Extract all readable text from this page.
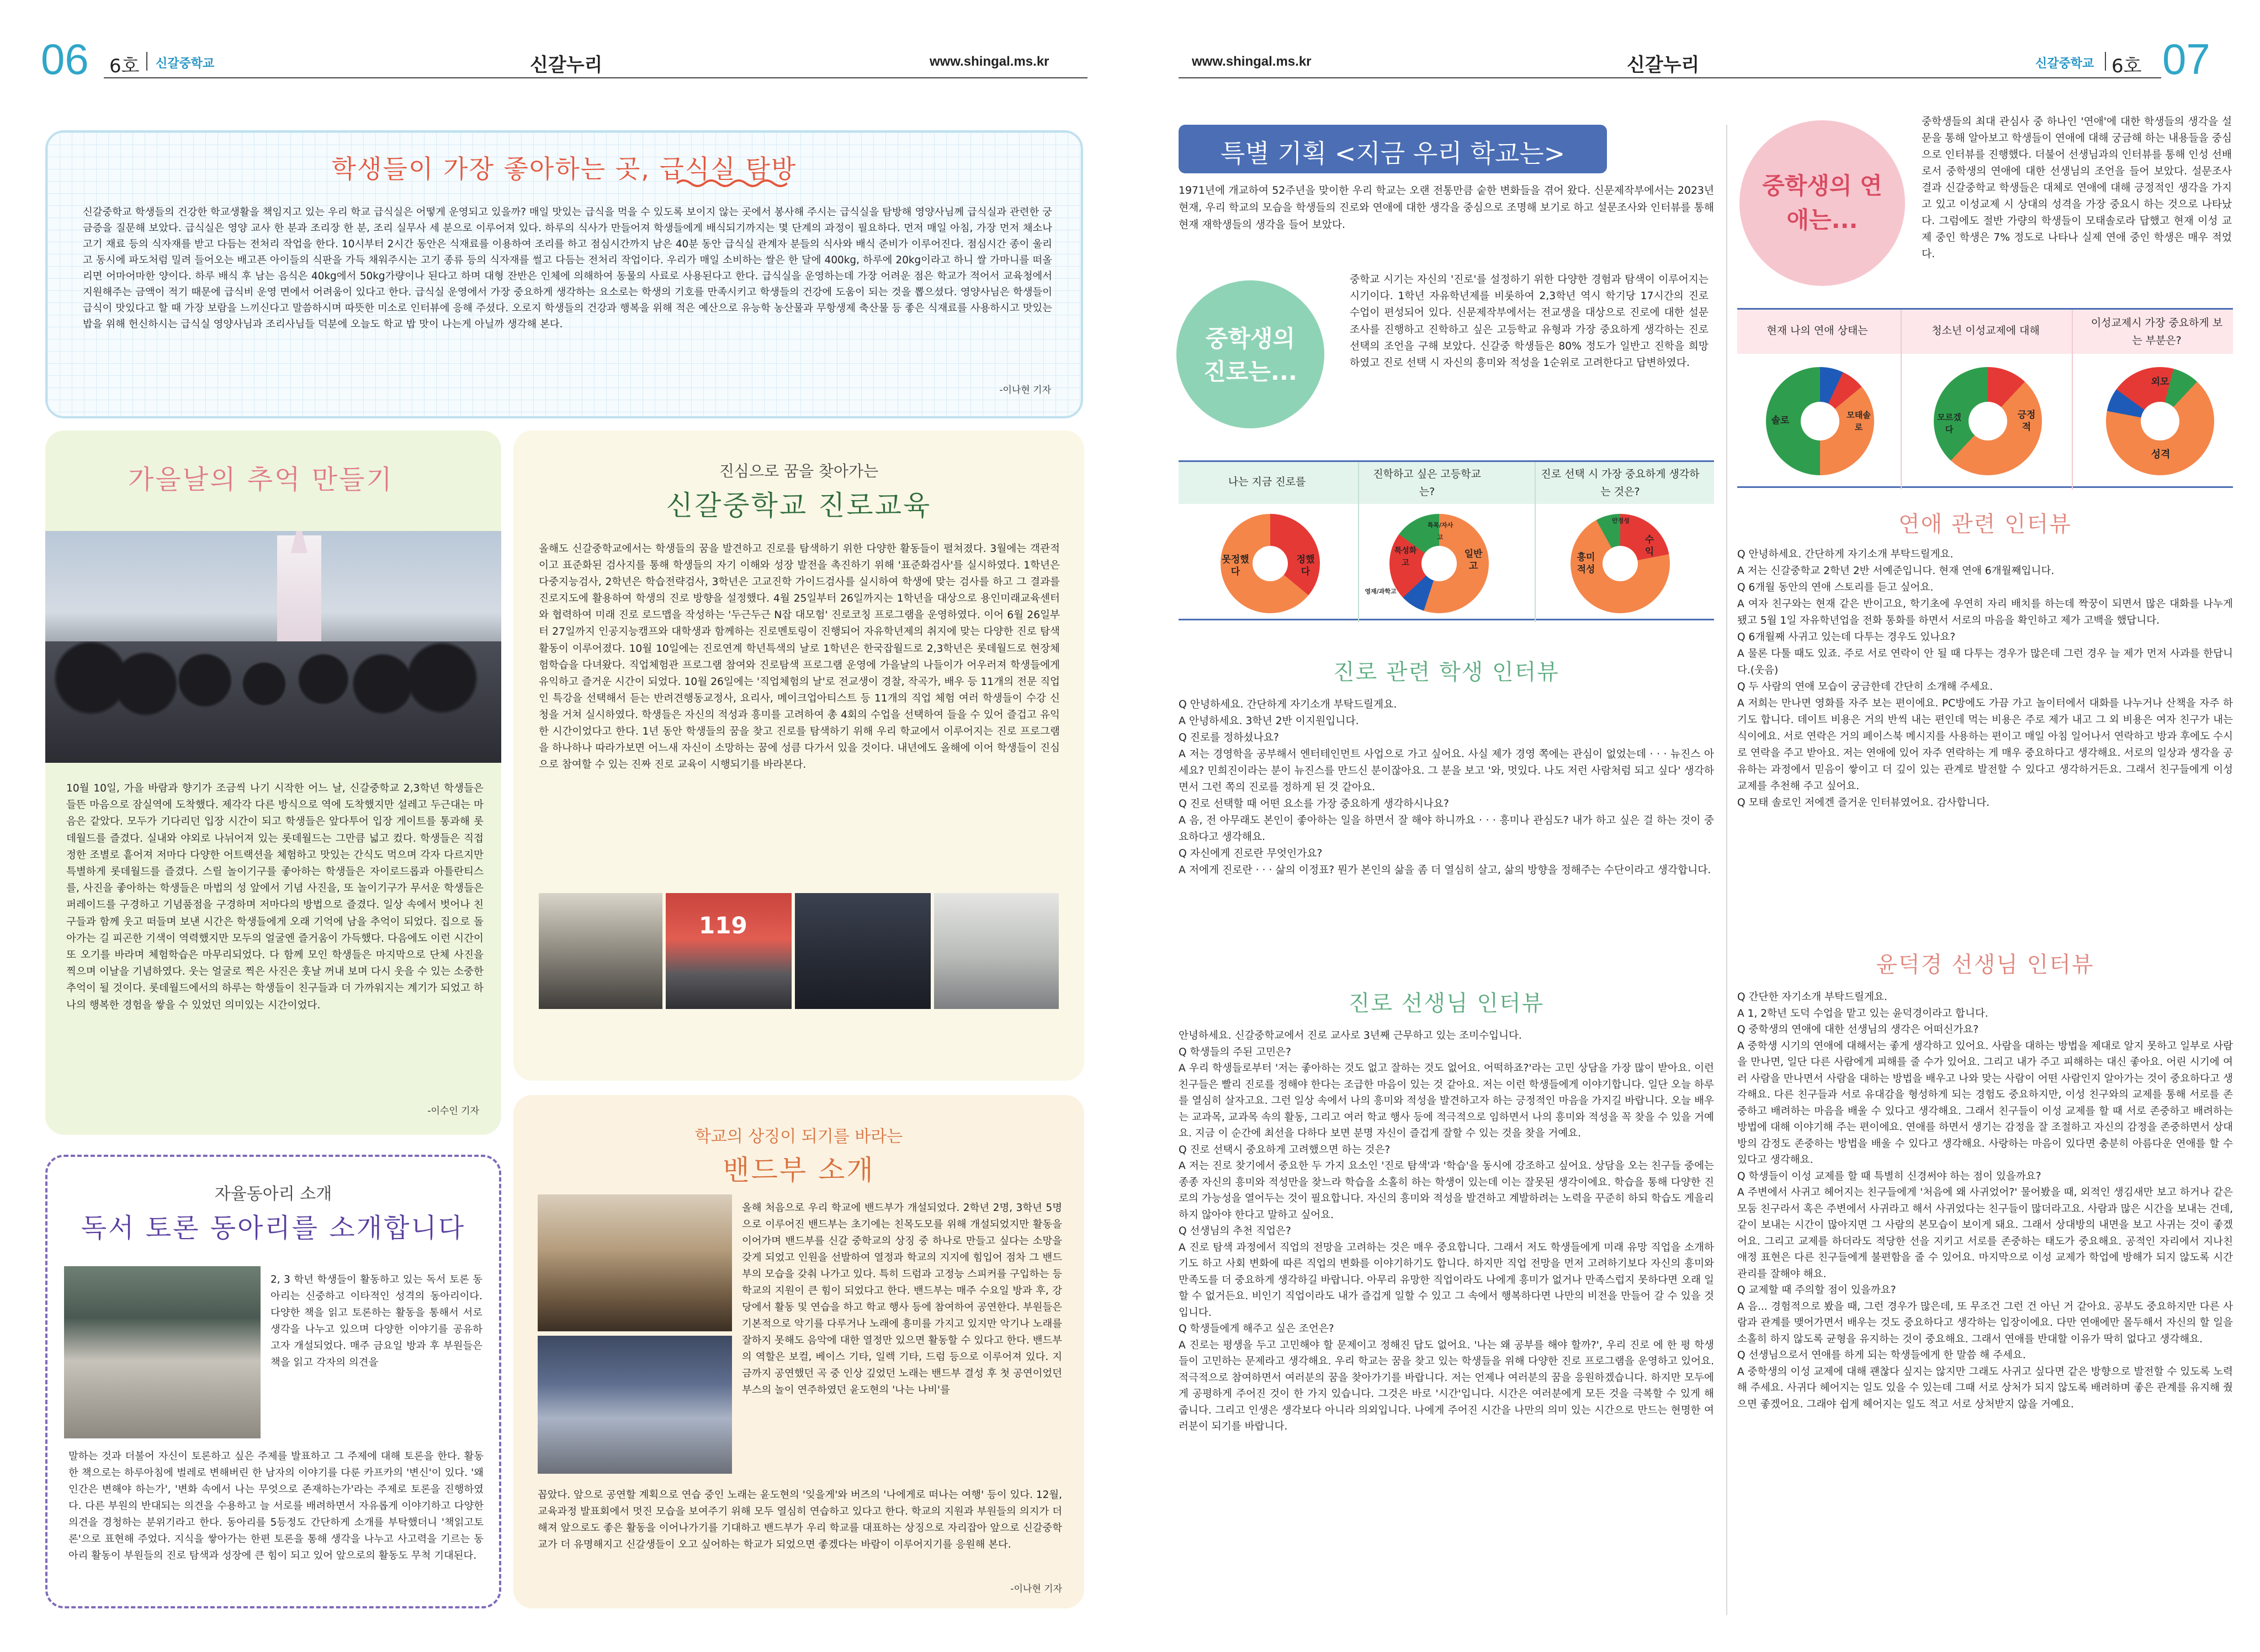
06 6호 신갈중학교	신갈누리	www.shingal.ms.kr
학생들이 가장 좋아하는 곳, 급식실 탐방

신갈중학교 학생들의 건강한 학교생활을 책임지고 있는 우리 학교 급식실은 어떻게 운영되고 있을까? 매일 맛있는 급식을 먹을 수 있도록 보이지 않는 곳에서 봉사해 주시는 급식실을 탐방해 영양사님께 급식실과 관련한 궁금증을 질문해 보았다. 급식실은 영양 교사 한 분과 조리장 한 분, 조리 실무사 세 분으로 이루어져 있다. 하루의 식사가 만들어져 학생들에게 배식되기까지는 몇 단계의 과정이 필요하다. 먼저 매일 아침, 가장 먼저 채소나 고기 재료 등의 식자재를 받고 다듬는 전처리 작업을 한다. 10시부터 2시간 동안은 식재료를 이용하여 조리를 하고 점심시간까지 남은 40분 동안 급식실 관계자 분들의 식사와 배식 준비가 이루어진다. 점심시간 종이 울리고 동시에 파도처럼 밀려 들어오는 배고픈 아이들의 식판을 가득 채워주시는 고기 종류 등의 식자재를 썰고 다듬는 전처리 작업이다. 우리가 매일 소비하는 쌀은 한 달에 400kg, 하루에 20kg이라고 하니 쌀 가마니를 떠올리면 어마어마한 양이다. 하루 배식 후 남는 음식은 40kg에서 50kg가량이나 된다고 하며 대형 잔반은 인체에 의해하여 동물의 사료로 사용된다고 한다. 급식실을 운영하는데 가장 어려운 점은 학교가 적어서 교육청에서 지원해주는 금액이 적기 때문에 급식비 운영 면에서 어려움이 있다고 한다. 급식실 운영에서 가장 중요하게 생각하는 요소로는 학생의 기호를 만족시키고 학생들의 건강에 도움이 되는 것을 뽑으셨다. 영양사님은 학생들이 급식이 맛있다고 할 때 가장 보람을 느끼신다고 말씀하시며 따뜻한 미소로 인터뷰에 응해 주셨다. 오로지 학생들의 건강과 행복을 위해 적은 예산으로 유능학 농산물과 무항생제 축산물 등 좋은 식재료를 사용하시고 맛있는 밥을 위해 헌신하시는 급식실 영양사님과 조리사님들 덕분에 오늘도 학교 밥 맛이 나는게 아닐까 생각해 본다.

-이나현 기자
가을날의 추억 만들기

10월 10일, 가을 바람과 향기가 조금씩 나기 시작한 어느 날, 신갈중학교 2,3학년 학생들은 들뜬 마음으로 잠실역에 도착했다. 제각각 다른 방식으로 역에 도착했지만 설레고 두근대는 마음은 같았다. 모두가 기다리던 입장 시간이 되고 학생들은 앞다투어 입장 게이트를 통과해 롯데월드를 즐겼다. 실내와 야외로 나뉘어져 있는 롯데월드는 그만큼 넓고 컸다. 학생들은 직접 정한 조별로 흩어져 저마다 다양한 어트랙션을 체험하고 맛있는 간식도 먹으며 각자 다르지만 특별하게 롯데월드를 즐겼다. 스릴 놀이기구를 좋아하는 학생들은 자이로드롭과 아틀란티스를, 사진을 좋아하는 학생들은 마법의 성 앞에서 기념 사진을, 또 놀이기구가 무서운 학생들은 퍼레이드를 구경하고 기념품점을 구경하며 저마다의 방법으로 즐겼다. 일상 속에서 벗어나 친구들과 함께 웃고 떠들며 보낸 시간은 학생들에게 오래 기억에 남을 추억이 되었다. 집으로 돌아가는 길 피곤한 기색이 역력했지만 모두의 얼굴엔 즐거움이 가득했다. 다음에도 이런 시간이 또 오기를 바라며 체험학습은 마무리되었다. 다 함께 모인 학생들은 마지막으로 단체 사진을 찍으며 이날을 기념하였다. 웃는 얼굴로 찍은 사진은 훗날 꺼내 보며 다시 웃을 수 있는 소중한 추억이 될 것이다. 롯데월드에서의 하루는 학생들이 친구들과 더 가까워지는 계기가 되었고 하나의 행복한 경험을 쌓을 수 있었던 의미있는 시간이었다.

-이수인 기자
진심으로 꿈을 찾아가는
신갈중학교 진로교육

올해도 신갈중학교에서는 학생들의 꿈을 발견하고 진로를 탐색하기 위한 다양한 활동들이 펼쳐졌다. 3월에는 객관적이고 표준화된 검사지를 통해 학생들의 자기 이해와 성장 발전을 촉진하기 위해 '표준화검사'를 실시하였다. 1학년은 다중지능검사, 2학년은 학습전략검사, 3학년은 고교진학 가이드검사를 실시하여 학생에 맞는 검사를 하고 그 결과를 진로지도에 활용하여 학생의 진로 방향을 설정했다. 4월 25일부터 26일까지는 1학년을 대상으로 용인미래교육센터와 협력하여 미래 진로 로드맵을 작성하는 '두근두근 N잡 대모험' 진로코칭 프로그램을 운영하였다. 이어 6월 26일부터 27일까지 인공지능캠프와 대학생과 함께하는 진로멘토링이 진행되어 자유학년제의 취지에 맞는 다양한 진로 탐색 활동이 이루어졌다. 10월 10일에는 진로연계 학년특색의 날로 1학년은 한국잡월드로 2,3학년은 롯데월드로 현장체험학습을 다녀왔다. 직업체험관 프로그램 참여와 진로탐색 프로그램 운영에 가을날의 나들이가 어우러져 학생들에게 유익하고 즐거운 시간이 되었다. 10월 26일에는 '직업체험의 날'로 전교생이 경찰, 작곡가, 배우 등 11개의 전문 직업인 특강을 선택해서 듣는 반려견행동교정사, 요리사, 메이크업아티스트 등 11개의 직업 체험 여러 학생들이 수강 신청을 거쳐 실시하였다. 학생들은 자신의 적성과 흥미를 고려하여 총 4회의 수업을 선택하여 들을 수 있어 즐겁고 유익한 시간이었다고 한다. 1년 동안 학생들의 꿈을 찾고 진로를 탐색하기 위해 우리 학교에서 이루어지는 진로 프로그램을 하나하나 따라가보면 어느새 자신이 소망하는 꿈에 성큼 다가서 있을 것이다. 내년에도 올해에 이어 학생들이 진심으로 참여할 수 있는 진짜 진로 교육이 시행되기를 바라본다.

119
자율동아리 소개
독서 토론 동아리를 소개합니다

2, 3 학년 학생들이 활동하고 있는 독서 토론 동아리는 신중하고 이타적인 성격의 동아리이다. 다양한 책을 읽고 토론하는 활동을 통해서 서로 생각을 나누고 있으며 다양한 이야기를 공유하고자 개설되었다. 매주 금요일 방과 후 부원들은 책을 읽고 각자의 의견을

말하는 것과 더불어 자신이 토론하고 싶은 주제를 발표하고 그 주제에 대해 토론을 한다. 활동한 책으로는 하루아침에 벌레로 변해버린 한 남자의 이야기를 다룬 카프카의 '변신'이 있다. '왜 인간은 변해야 하는가', '변화 속에서 나는 무엇으로 존재하는가'라는 주제로 토론을 진행하였다. 다른 부원의 반대되는 의견을 수용하고 늘 서로를 배려하면서 자유롭게 이야기하고 다양한 의견을 경청하는 분위기라고 한다. 동아리를 5등정도 간단하게 소개를 부탁했더니 '책읽고토론'으로 표현해 주었다. 지식을 쌓아가는 한편 토론을 통해 생각을 나누고 사고력을 기르는 동아리 활동이 부원들의 진로 탐색과 성장에 큰 힘이 되고 있어 앞으로의 활동도 무척 기대된다.

학교의 상징이 되기를 바라는
밴드부 소개

올해 처음으로 우리 학교에 밴드부가 개설되었다. 2학년 2명, 3학년 5명으로 이루어진 밴드부는 초기에는 친목도모를 위해 개설되었지만 활동을 이어가며 밴드부를 신갈 중학교의 상징 중 하나로 만들고 싶다는 소망을 갖게 되었고 인원을 선발하여 열정과 학교의 지지에 힘입어 점차 그 밴드부의 모습을 갖춰 나가고 있다. 특히 드럼과 고정능 스피커를 구입하는 등 학교의 지원이 큰 힘이 되었다고 한다. 밴드부는 매주 수요일 방과 후, 강당에서 활동 및 연습을 하고 학교 행사 등에 참여하여 공연한다. 부원들은 기본적으로 악기를 다루거나 노래에 흥미를 가지고 있지만 악기나 노래를 잘하지 못해도 음악에 대한 열정만 있으면 활동할 수 있다고 한다. 밴드부의 역할은 보컬, 베이스 기타, 일렉 기타, 드럼 등으로 이루어져 있다. 지금까지 공연했던 곡 중 인상 깊었던 노래는 밴드부 결성 후 첫 공연이었던 부스의 놀이 연주하였던 윤도현의 '나는 나비'를

꼽았다. 앞으로 공연할 계획으로 연습 중인 노래는 윤도현의 '잊을게'와 버즈의 '나에게로 떠나는 여행' 등이 있다. 12월, 교육과정 발표회에서 멋진 모습을 보여주기 위해 모두 열심히 연습하고 있다고 한다. 학교의 지원과 부원들의 의지가 더해져 앞으로도 좋은 활동을 이어나가기를 기대하고 밴드부가 우리 학교를 대표하는 상징으로 자리잡아 앞으로 신갈중학교가 더 유명해지고 신갈생들이 오고 싶어하는 학교가 되었으면 좋겠다는 바람이 이루어지기를 응원해 본다.

-이나현 기자
www.shingal.ms.kr	신갈누리	신갈중학교 6호 07
특별 기획 <지금 우리 학교는>

1971년에 개교하여 52주년을 맞이한 우리 학교는 오랜 전통만큼 숱한 변화들을 겪어 왔다. 신문제작부에서는 2023년 현재, 우리 학교의 모습을 학생들의 진로와 연애에 대한 생각을 중심으로 조명해 보기로 하고 설문조사와 인터뷰를 통해 현재 재학생들의 생각을 들어 보았다.

중학생의 진로는...

중학교 시기는 자신의 '진로'를 설정하기 위한 다양한 경험과 탐색이 이루어지는 시기이다. 1학년 자유학년제를 비롯하여 2,3학년 역시 학기당 17시간의 진로 수업이 편성되어 있다. 신문제작부에서는 전교생을 대상으로 진로에 대한 설문조사를 진행하고 진학하고 싶은 고등학교 유형과 가장 중요하게 생각하는 진로 선택의 조언을 구해 보았다. 신갈중 학생들은 80% 정도가 일반고 진학을 희망하였고 진로 선택 시 자신의 흥미와 적성을 1순위로 고려한다고 답변하였다.

나는 지금 진로를
진학하고 싶은 고등학교는?
진로 선택 시 가장 중요하게 생각하는 것은?
못정했다
정했다
일반고
특성화고
영재/과학고
특목/자사고
흥미적성
수익
안정성
진로 관련 학생 인터뷰

Q 안녕하세요. 간단하게 자기소개 부탁드릴게요.
A 안녕하세요. 3학년 2반 이지원입니다.
Q 진로를 정하셨나요?
A 저는 경영학을 공부해서 엔터테인먼트 사업으로 가고 싶어요. 사실 제가 경영 쪽에는 관심이 없었는데 · · · 뉴진스 아세요? 민희진이라는 분이 뉴진스를 만드신 분이잖아요. 그 분을 보고 '와, 멋있다. 나도 저런 사람처럼 되고 싶다' 생각하면서 그런 쪽의 진로를 정하게 된 것 같아요.
Q 진로 선택할 때 어떤 요소를 가장 중요하게 생각하시나요?
A 음, 전 아무래도 본인이 좋아하는 일을 하면서 잘 해야 하니까요 · · · 흥미나 관심도? 내가 하고 싶은 걸 하는 것이 중요하다고 생각해요.
Q 자신에게 진로란 무엇인가요?
A 저에게 진로란 · · · 삶의 이정표? 뭔가 본인의 삶을 좀 더 열심히 살고, 삶의 방향을 정해주는 수단이라고 생각합니다.

진로 선생님 인터뷰

안녕하세요. 신갈중학교에서 진로 교사로 3년째 근무하고 있는 조미수입니다.
Q 학생들의 주된 고민은?
A 우리 학생들로부터 '저는 좋아하는 것도 없고 잘하는 것도 없어요. 어떡하죠?'라는 고민 상담을 가장 많이 받아요. 이런 친구들은 빨리 진로를 정해야 한다는 조급한 마음이 있는 것 같아요. 저는 이런 학생들에게 이야기합니다. 일단 오늘 하루를 열심히 살자고요. 그런 일상 속에서 나의 흥미와 적성을 발견하고자 하는 긍정적인 마음을 가지길 바랍니다. 오늘 배우는 교과목, 교과목 속의 활동, 그리고 여러 학교 행사 등에 적극적으로 임하면서 나의 흥미와 적성을 꼭 찾을 수 있을 거예요. 지금 이 순간에 최선을 다하다 보면 분명 자신이 즐겁게 잘할 수 있는 것을 찾을 거예요.
Q 진로 선택시 중요하게 고려했으면 하는 것은?
A 저는 진로 찾기에서 중요한 두 가지 요소인 '진로 탐색'과 '학습'을 동시에 강조하고 싶어요. 상담을 오는 친구들 중에는 종종 자신의 흥미와 적성만을 찾느라 학습을 소홀히 하는 학생이 있는데 이는 잘못된 생각이에요. 학습을 통해 다양한 진로의 가능성을 열어두는 것이 필요합니다. 자신의 흥미와 적성을 발견하고 계발하려는 노력을 꾸준히 하되 학습도 게을리 하지 않아야 한다고 말하고 싶어요.
Q 선생님의 추천 직업은?
A 진로 탐색 과정에서 직업의 전망을 고려하는 것은 매우 중요합니다. 그래서 저도 학생들에게 미래 유망 직업을 소개하기도 하고 사회 변화에 따른 직업의 변화를 이야기하기도 합니다. 하지만 직업 전망을 먼저 고려하기보다 자신의 흥미와 만족도를 더 중요하게 생각하길 바랍니다. 아무리 유망한 직업이라도 나에게 흥미가 없거나 만족스럽지 못하다면 오래 일할 수 없거든요. 비인기 직업이라도 내가 즐겁게 일할 수 있고 그 속에서 행복하다면 나만의 비전을 만들어 갈 수 있을 것입니다.
Q 학생들에게 해주고 싶은 조언은?
A 진로는 평생을 두고 고민해야 할 문제이고 정해진 답도 없어요. '나는 왜 공부를 해야 할까?', 우리 진로 에 한 평 학생들이 고민하는 문제라고 생각해요. 우리 학교는 꿈을 찾고 있는 학생들을 위해 다양한 진로 프로그램을 운영하고 있어요. 적극적으로 참여하면서 여러분의 꿈을 찾아가기를 바랍니다. 저는 언제나 여러분의 꿈을 응원하겠습니다. 하지만 모두에게 공평하게 주어진 것이 한 가지 있습니다. 그것은 바로 '시간'입니다. 시간은 여러분에게 모든 것을 극복할 수 있게 해 줍니다. 그리고 인생은 생각보다 아니라 의외입니다. 나에게 주어진 시간을 나만의 의미 있는 시간으로 만드는 현명한 여러분이 되기를 바랍니다.

중학생의 연애는...

중학생들의 최대 관심사 중 하나인 '연애'에 대한 학생들의 생각을 설문을 통해 알아보고 학생들이 연애에 대해 궁금해 하는 내용들을 중심으로 인터뷰를 진행했다. 더불어 선생님과의 인터뷰를 통해 인성 선배로서 중학생의 연애에 대한 선생님의 조언을 들어 보았다. 설문조사 결과 신갈중학교 학생들은 대체로 연애에 대해 긍정적인 생각을 가지고 있고 이성교제 시 상대의 성격을 가장 중요시 하는 것으로 나타났다. 그럼에도 절반 가량의 학생들이 모태솔로라 답했고 현재 이성 교제 중인 학생은 7% 정도로 나타나 실제 연애 중인 학생은 매우 적었다.

현재 나의 연애 상태는	청소년 이성교제에 대해
이성교제시 가장 중요하게 보는 부분은?
솔로	모태솔로
모르겠다
긍정적
외모
성격
연애 관련 인터뷰

Q 안녕하세요. 간단하게 자기소개 부탁드릴게요.
A 저는 신갈중학교 2학년 2반 서예준입니다. 현재 연애 6개월째입니다.
Q 6개월 동안의 연애 스토리를 듣고 싶어요.
A 여자 친구와는 현재 같은 반이고요, 학기초에 우연히 자리 배치를 하는데 짝꿍이 되면서 많은 대화를 나누게 됐고 5월 1일 자유학년업을 전화 통화를 하면서 서로의 마음을 확인하고 제가 고백을 했답니다.
Q 6개월째 사귀고 있는데 다투는 경우도 있나요?
A 물론 다툴 때도 있죠. 주로 서로 연락이 안 될 때 다투는 경우가 많은데 그런 경우 늘 제가 먼저 사과를 한답니다.(웃음)
Q 두 사람의 연애 모습이 궁금한데 간단히 소개해 주세요.
A 저희는 만나면 영화를 자주 보는 편이에요. PC방에도 가끔 가고 놀이터에서 대화를 나누거나 산책을 자주 하기도 합니다. 데이트 비용은 거의 반씩 내는 편인데 먹는 비용은 주로 제가 내고 그 외 비용은 여자 친구가 내는 식이에요. 서로 연락은 거의 페이스북 메시지를 사용하는 편이고 매일 아침 일어나서 연락하고 방과 후에도 수시로 연락을 주고 받아요. 저는 연애에 있어 자주 연락하는 게 매우 중요하다고 생각해요. 서로의 일상과 생각을 공유하는 과정에서 믿음이 쌓이고 더 깊이 있는 관계로 발전할 수 있다고 생각하거든요. 그래서 친구들에게 이성 교제를 추천해 주고 싶어요.
Q 모태 솔로인 저에겐 즐거운 인터뷰였어요. 감사합니다.

윤덕경 선생님 인터뷰

Q 간단한 자기소개 부탁드릴게요.
A 1, 2학년 도덕 수업을 맡고 있는 윤덕경이라고 합니다.
Q 중학생의 연애에 대한 선생님의 생각은 어떠신가요?
A 중학생 시기의 연애에 대해서는 좋게 생각하고 있어요. 사람을 대하는 방법을 제대로 알지 못하고 일부로 사람을 만나면, 일단 다른 사람에게 피해를 줄 수가 있어요. 그리고 내가 주고 피해하는 대신 좋아요. 어린 시기에 여러 사람을 만나면서 사람을 대하는 방법을 배우고 나와 맞는 사람이 어떤 사람인지 알아가는 것이 중요하다고 생각해요. 다른 친구들과 서로 유대감을 형성하게 되는 경험도 중요하지만, 이성 친구와의 교제를 통해 서로를 존중하고 배려하는 마음을 배울 수 있다고 생각해요. 그래서 친구들이 이성 교제를 할 때 서로 존중하고 배려하는 방법에 대해 이야기해 주는 편이에요. 연애를 하면서 생기는 감정을 잘 조절하고 자신의 감정을 존중하면서 상대방의 감정도 존중하는 방법을 배울 수 있다고 생각해요. 사랑하는 마음이 있다면 충분히 아름다운 연애를 할 수 있다고 생각해요.
Q 학생들이 이성 교제를 할 때 특별히 신경써야 하는 점이 있을까요?
A 주변에서 사귀고 헤어지는 친구들에게 '처음에 왜 사귀었어?' 물어봤을 때, 외적인 생김새만 보고 하거나 같은 모둠 친구라서 혹은 주변에서 사귀라고 해서 사귀었다는 친구들이 많더라고요. 사람과 많은 시간을 보내는 건데, 같이 보내는 시간이 많아지면 그 사람의 본모습이 보이게 돼요. 그래서 상대방의 내면을 보고 사귀는 것이 좋겠어요. 그리고 교제를 하더라도 적당한 선을 지키고 서로를 존중하는 태도가 중요해요. 공적인 자리에서 지나친 애정 표현은 다른 친구들에게 불편함을 줄 수 있어요. 마지막으로 이성 교제가 학업에 방해가 되지 않도록 시간 관리를 잘해야 해요.
Q 교제할 때 주의할 점이 있을까요?
A 음... 경험적으로 봤을 때, 그런 경우가 많은데, 또 무조건 그런 건 아닌 거 같아요. 공부도 중요하지만 다른 사람과 관계를 맺어가면서 배우는 것도 중요하다고 생각하는 입장이에요. 다만 연애에만 몰두해서 자신의 할 일을 소홀히 하지 않도록 균형을 유지하는 것이 중요해요. 그래서 연애를 반대할 이유가 딱히 없다고 생각해요.
Q 선생님으로서 연애를 하게 되는 학생들에게 한 말씀 해 주세요.
A 중학생의 이성 교제에 대해 괜찮다 싶지는 않지만 그래도 사귀고 싶다면 같은 방향으로 발전할 수 있도록 노력해 주세요. 사귀다 헤어지는 일도 있을 수 있는데 그때 서로 상처가 되지 않도록 배려하며 좋은 관계를 유지해 줬으면 좋겠어요. 그래야 쉽게 헤어지는 일도 적고 서로 상처받지 않을 거예요.
